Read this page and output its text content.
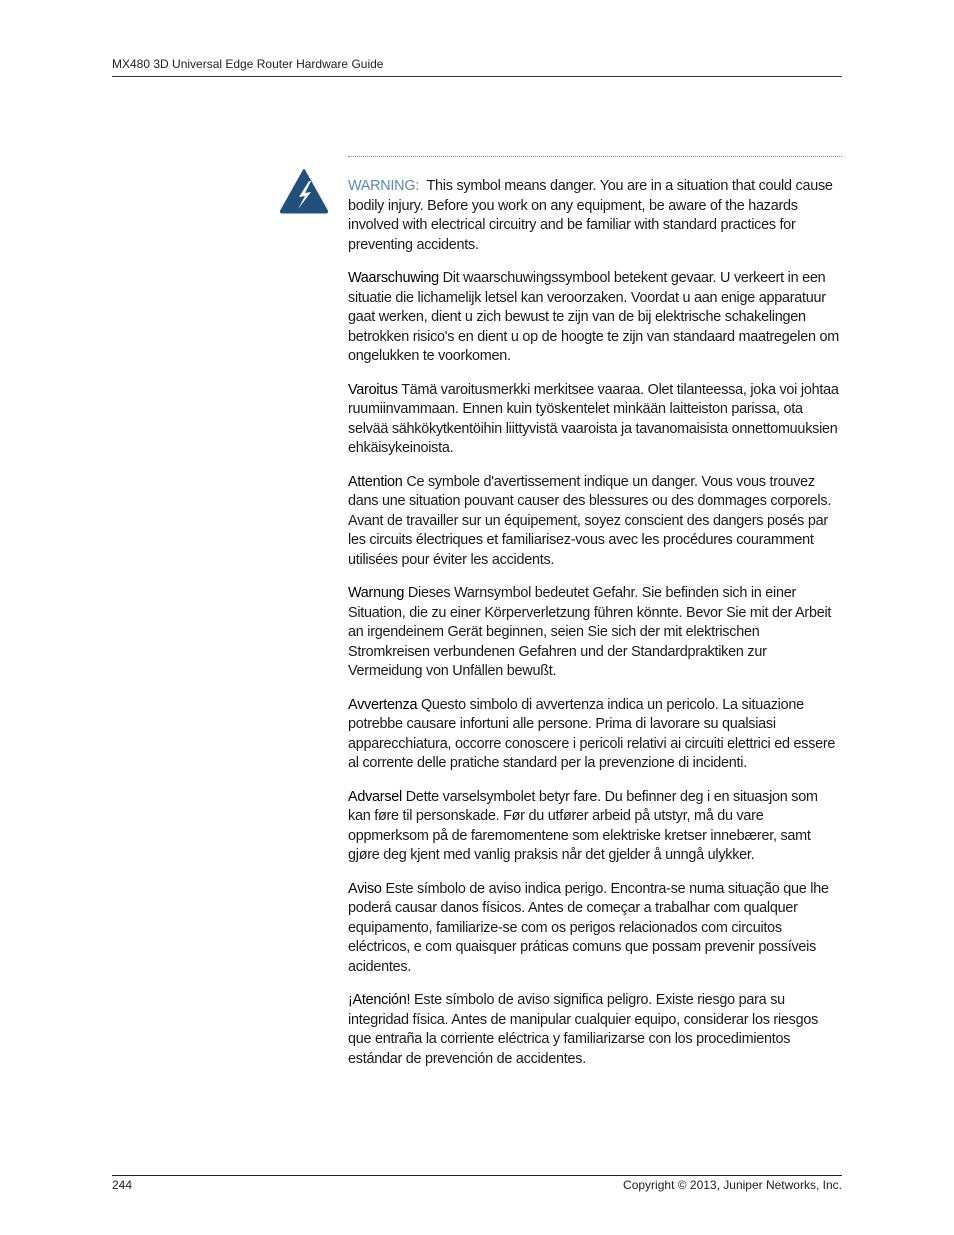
MX480 3D Universal Edge Router Hardware Guide

WARNING: This symbol means danger. You are in a situation that could cause bodily injury. Before you work on any equipment, be aware of the hazards involved with electrical circuitry and be familiar with standard practices for preventing accidents.

Waarschuwing Dit waarschuwingssymbool betekent gevaar. U verkeert in een situatie die lichamelijk letsel kan veroorzaken. Voordat u aan enige apparatuur gaat werken, dient u zich bewust te zijn van de bij elektrische schakelingen betrokken risico's en dient u op de hoogte te zijn van standaard maatregelen om ongelukken te voorkomen.

Varoitus Tämä varoitusmerkki merkitsee vaaraa. Olet tilanteessa, joka voi johtaa ruumiinvammaan. Ennen kuin työskentelet minkään laitteiston parissa, ota selvää sähkökytkentöihin liittyvistä vaaroista ja tavanomaisista onnettomuuksien ehkäisykeinoista.

Attention Ce symbole d'avertissement indique un danger. Vous vous trouvez dans une situation pouvant causer des blessures ou des dommages corporels. Avant de travailler sur un équipement, soyez conscient des dangers posés par les circuits électriques et familiarisez-vous avec les procédures couramment utilisées pour éviter les accidents.

Warnung Dieses Warnsymbol bedeutet Gefahr. Sie befinden sich in einer Situation, die zu einer Körperverletzung führen könnte. Bevor Sie mit der Arbeit an irgendeinem Gerät beginnen, seien Sie sich der mit elektrischen Stromkreisen verbundenen Gefahren und der Standardpraktiken zur Vermeidung von Unfällen bewußt.

Avvertenza Questo simbolo di avvertenza indica un pericolo. La situazione potrebbe causare infortuni alle persone. Prima di lavorare su qualsiasi apparecchiatura, occorre conoscere i pericoli relativi ai circuiti elettrici ed essere al corrente delle pratiche standard per la prevenzione di incidenti.

Advarsel Dette varselsymbolet betyr fare. Du befinner deg i en situasjon som kan føre til personskade. Før du utfører arbeid på utstyr, må du vare oppmerksom på de faremomentene som elektriske kretser innebærer, samt gjøre deg kjent med vanlig praksis når det gjelder å unngå ulykker.

Aviso Este símbolo de aviso indica perigo. Encontra-se numa situação que lhe poderá causar danos físicos. Antes de começar a trabalhar com qualquer equipamento, familiarize-se com os perigos relacionados com circuitos eléctricos, e com quaisquer práticas comuns que possam prevenir possíveis acidentes.

¡Atención! Este símbolo de aviso significa peligro. Existe riesgo para su integridad física. Antes de manipular cualquier equipo, considerar los riesgos que entraña la corriente eléctrica y familiarizarse con los procedimientos estándar de prevención de accidentes.

244	Copyright © 2013, Juniper Networks, Inc.
